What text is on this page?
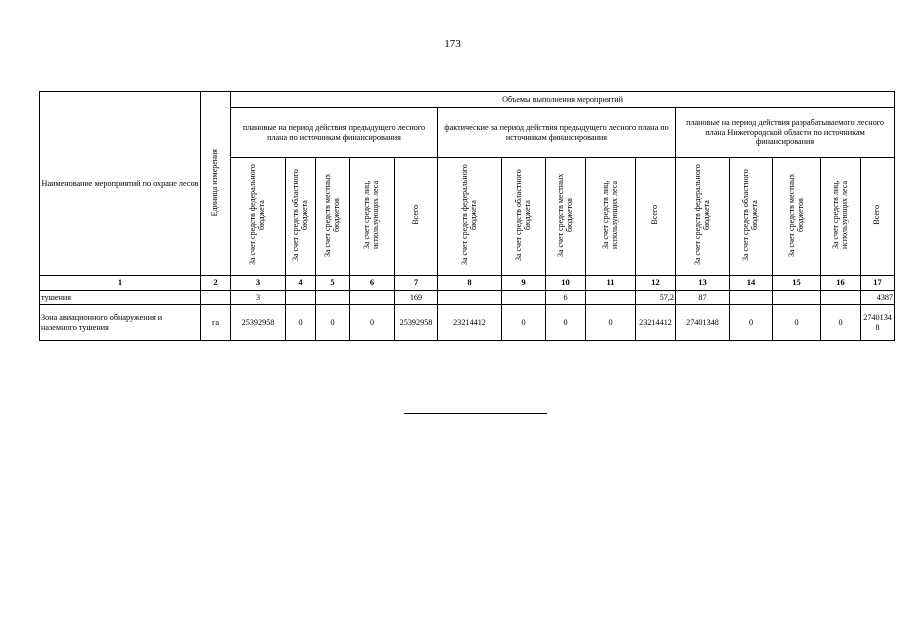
173
Наименование мероприятий по охране лесов	Единица измерения	Объемы выполнения мероприятий														
		плановые на период действия предыдущего лесного плана по источникам финансирования					фактические за период действия предыдущего лесного плана по источникам финансирования					плановые на период действия разрабатываемого лесного плана Нижегородской области по источникам финансирования				
		За счет средств федерального бюджета	За счет средств областного бюджета	За счет средств местных бюджетов	За счет средств лиц, использующих леса	Всего	За счет средств федерального бюджета	За счет средств областного бюджета	За счет средств местных бюджетов	За счет средств лиц, использующих леса	Всего	За счет средств федерального бюджета	За счет средств областного бюджета	За счет средств местных бюджетов	За счет средств лиц, использующих леса	Всего
1	2	3	4	5	6	7	8	9	10	11	12	13	14	15	16	17
тушения		3				169			6		57,2	87				4387
Зона авиационного обнаружения и наземного тушения	га	25392958	0	0	0	25392958	23214412	0	0	0	23214412	27401348	0	0	0	27401348
